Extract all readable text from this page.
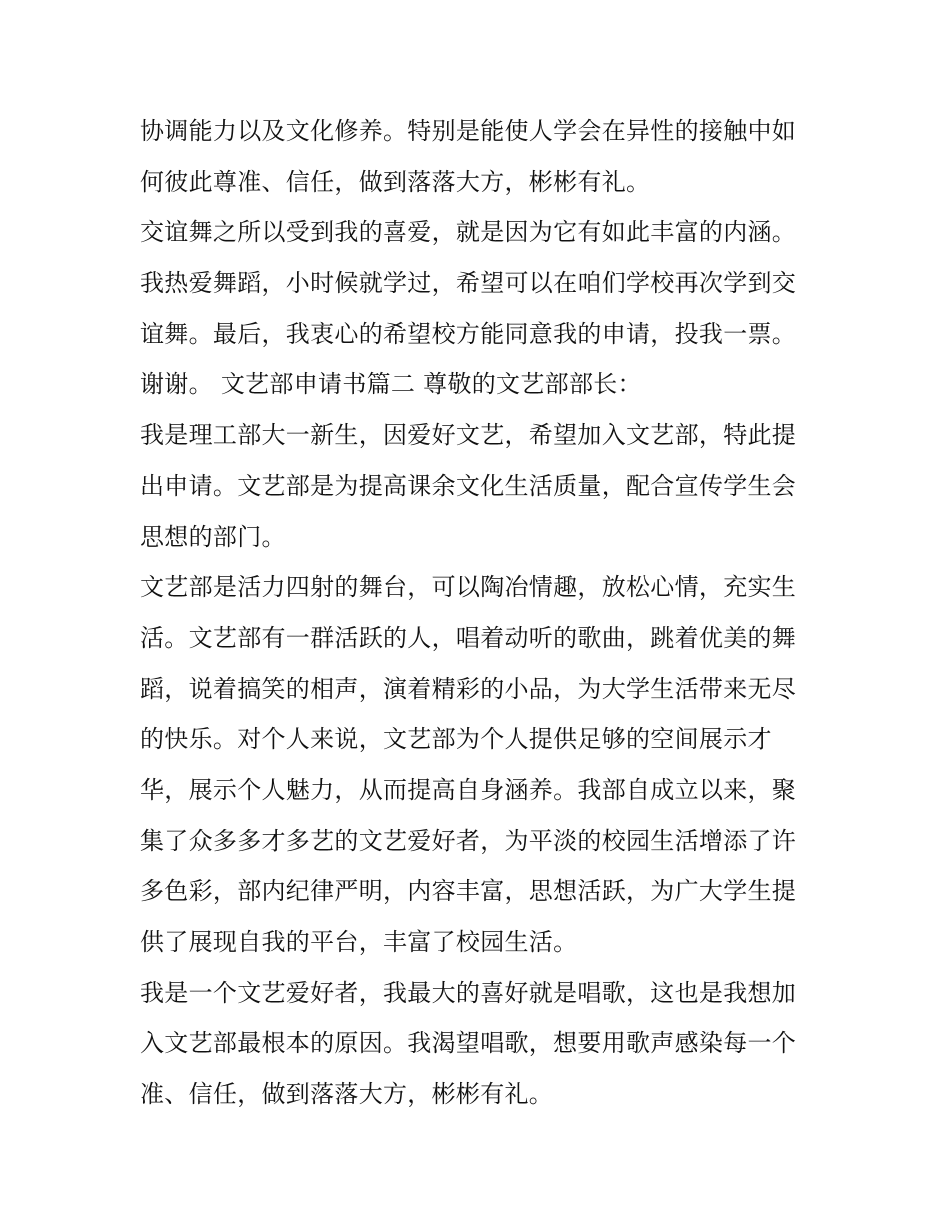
协调能力以及文化修养。特别是能使人学会在异性的接触中如
何彼此尊准、信任，做到落落大方，彬彬有礼。
交谊舞之所以受到我的喜爱，就是因为它有如此丰富的内涵。
我热爱舞蹈，小时候就学过，希望可以在咱们学校再次学到交
谊舞。最后，我衷心的希望校方能同意我的申请，投我一票。
谢谢。 文艺部申请书篇二 尊敬的文艺部部长：
我是理工部大一新生，因爱好文艺，希望加入文艺部，特此提
出申请。文艺部是为提高课余文化生活质量，配合宣传学生会
思想的部门。
文艺部是活力四射的舞台，可以陶冶情趣，放松心情，充实生
活。文艺部有一群活跃的人，唱着动听的歌曲，跳着优美的舞
蹈，说着搞笑的相声，演着精彩的小品，为大学生活带来无尽
的快乐。对个人来说，文艺部为个人提供足够的空间展示才
华，展示个人魅力，从而提高自身涵养。我部自成立以来，聚
集了众多多才多艺的文艺爱好者，为平淡的校园生活增添了许
多色彩，部内纪律严明，内容丰富，思想活跃，为广大学生提
供了展现自我的平台，丰富了校园生活。
我是一个文艺爱好者，我最大的喜好就是唱歌，这也是我想加
入文艺部最根本的原因。我渴望唱歌，想要用歌声感染每一个
准、信任，做到落落大方，彬彬有礼。
